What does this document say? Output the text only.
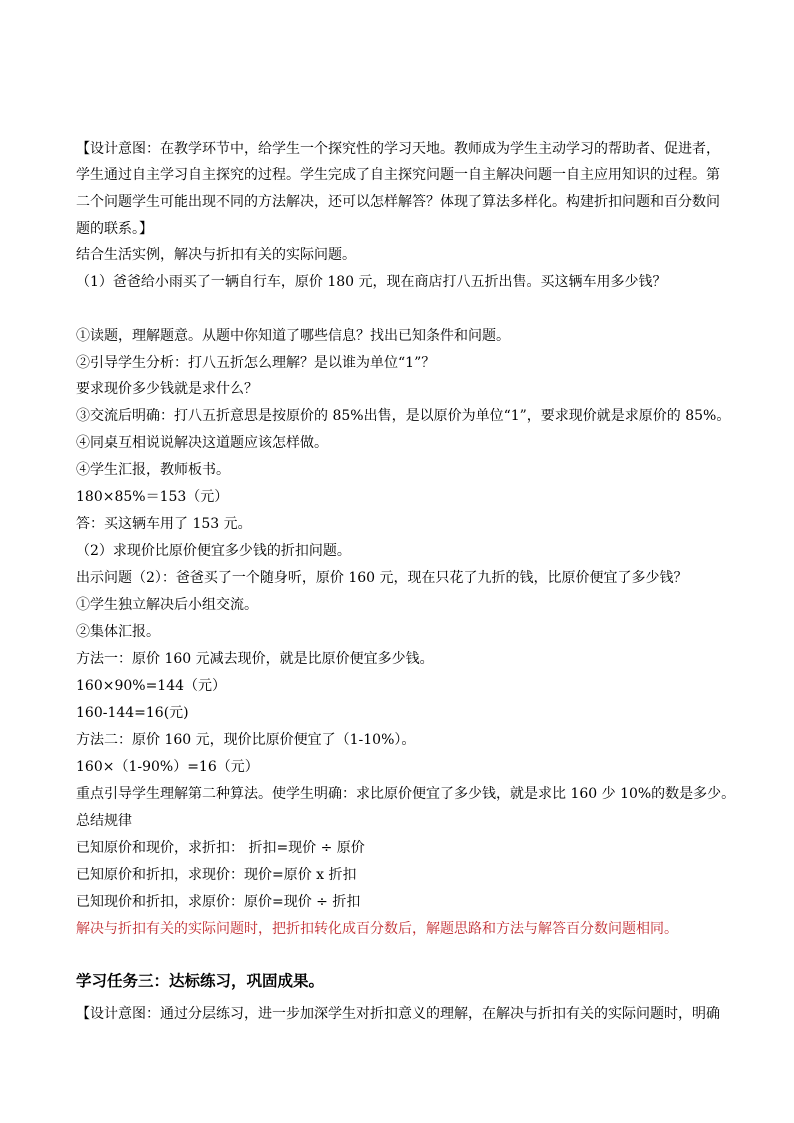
【设计意图：在教学环节中，给学生一个探究性的学习天地。教师成为学生主动学习的帮助者、促进者，
学生通过自主学习自主探究的过程。学生完成了自主探究问题一自主解决问题一自主应用知识的过程。第
二个问题学生可能出现不同的方法解决，还可以怎样解答？体现了算法多样化。构建折扣问题和百分数问
题的联系。】
结合生活实例，解决与折扣有关的实际问题。
（1）爸爸给小雨买了一辆自行车，原价 180 元，现在商店打八五折出售。买这辆车用多少钱？
①读题，理解题意。从题中你知道了哪些信息？找出已知条件和问题。
②引导学生分析：打八五折怎么理解？是以谁为单位“1”？
要求现价多少钱就是求什么？
③交流后明确：打八五折意思是按原价的 85%出售，是以原价为单位“1”，要求现价就是求原价的 85%。
④同桌互相说说解决这道题应该怎样做。
④学生汇报，教师板书。
180×85%＝153（元）
答：买这辆车用了 153 元。
（2）求现价比原价便宜多少钱的折扣问题。
出示问题（2）：爸爸买了一个随身听，原价 160 元，现在只花了九折的钱，比原价便宜了多少钱？
①学生独立解决后小组交流。
②集体汇报。
方法一：原价 160 元减去现价，就是比原价便宜多少钱。
160×90%=144（元）
160-144=16(元)
方法二：原价 160 元，现价比原价便宜了（1-10%）。
160×（1-90%）=16（元）
重点引导学生理解第二种算法。使学生明确：求比原价便宜了多少钱，就是求比 160 少 10%的数是多少。
总结规律
已知原价和现价，求折扣： 折扣=现价 ÷ 原价
已知原价和折扣，求现价：现价=原价 x 折扣
已知现价和折扣，求原价：原价=现价 ÷ 折扣
解决与折扣有关的实际问题时，把折扣转化成百分数后，解题思路和方法与解答百分数问题相同。
学习任务三：达标练习，巩固成果。
【设计意图：通过分层练习，进一步加深学生对折扣意义的理解，在解决与折扣有关的实际问题时，明确
